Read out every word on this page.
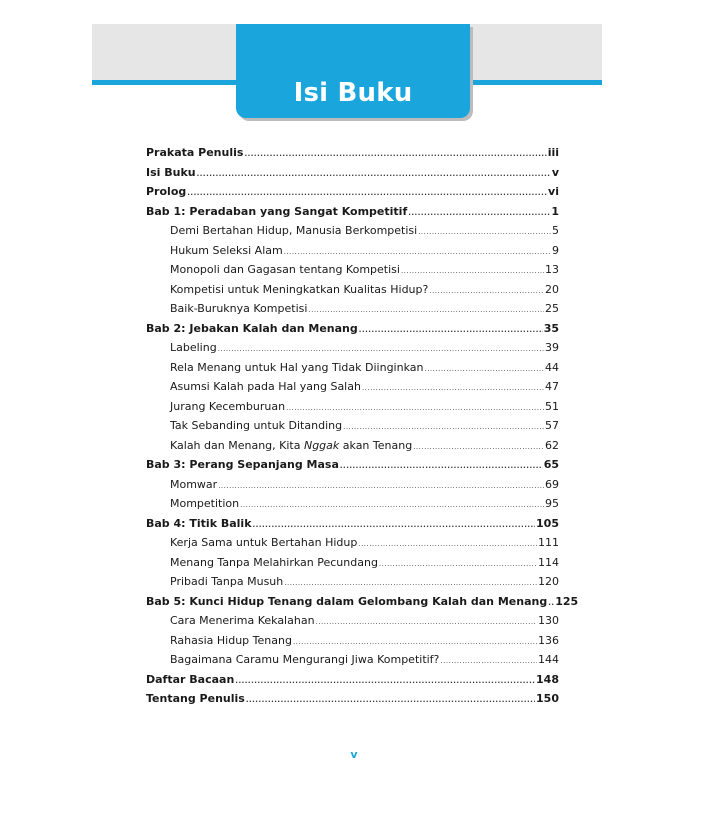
Isi Buku
Prakata Penulis .....	iii
Isi Buku .....	v
Prolog .....	vi
Bab 1: Peradaban yang Sangat Kompetitif .....	1
Demi Bertahan Hidup, Manusia Berkompetisi .....	5
Hukum Seleksi Alam .....	9
Monopoli dan Gagasan tentang Kompetisi .....	13
Kompetisi untuk Meningkatkan Kualitas Hidup? .....	20
Baik-Buruknya Kompetisi .....	25
Bab 2: Jebakan Kalah dan Menang .....	35
Labeling .....	39
Rela Menang untuk Hal yang Tidak Diinginkan .....	44
Asumsi Kalah pada Hal yang Salah .....	47
Jurang Kecemburuan .....	51
Tak Sebanding untuk Ditanding .....	57
Kalah dan Menang, Kita Nggak akan Tenang .....	62
Bab 3: Perang Sepanjang Masa .....	65
Momwar .....	69
Mompetition .....	95
Bab 4: Titik Balik .....	105
Kerja Sama untuk Bertahan Hidup .....	111
Menang Tanpa Melahirkan Pecundang .....	114
Pribadi Tanpa Musuh .....	120
Bab 5: Kunci Hidup Tenang dalam Gelombang Kalah dan Menang ..... 125
Cara Menerima Kekalahan .....	130
Rahasia Hidup Tenang .....	136
Bagaimana Caramu Mengurangi Jiwa Kompetitif? .....	144
Daftar Bacaan .....	148
Tentang Penulis .....	150
v
